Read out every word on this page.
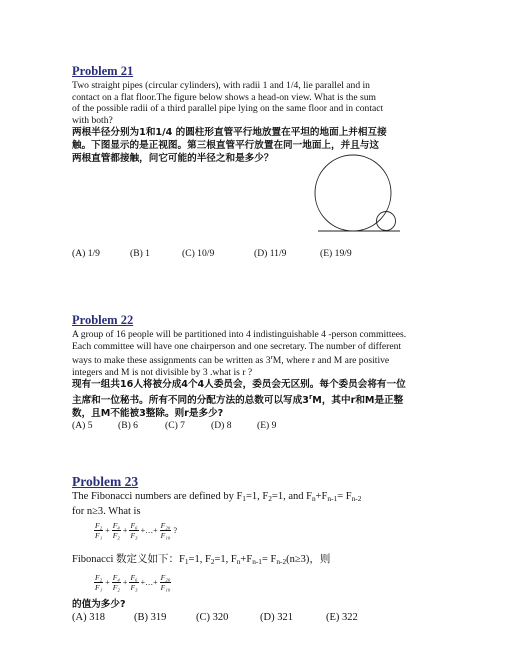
Problem 21

Two straight pipes (circular cylinders), with radii 1 and 1/4, lie parallel and in

contact on a flat floor.The figure below shows a head-on view. What is the sum

of the possible radii of a third parallel pipe lying on the same floor and in contact

with both?

两根半径分别为1和1/4 的圆柱形直管平行地放置在平坦的地面上并相互接

触。下图显示的是正视图。第三根直管平行放置在同一地面上，并且与这

两根直管都接触，问它可能的半径之和是多少？

(A) 1/9	(B) 1	(C) 10/9	(D) 11/9	(E) 19/9
Problem 22

A group of 16 people will be partitioned into 4 indistinguishable 4 -person committees.

Each committee will have one chairperson and one secretary. The number of different

ways to make these assignments can be written as 3$^r$M, where r and M are positive

integers and M is not divisible by 3 .what is r ?

现有一组共16人将被分成4个4人委员会，委员会无区别。每个委员会将有一位

主席和一位秘书。所有不同的分配方法的总数可以写成3$^r$M，其中r和M是正整

数，且M不能被3整除。则r是多少?

(A) 5	(B) 6	(C) 7	(D) 8	(E) 9
Problem 23

The Fibonacci numbers are defined by $F_1=1$, $F_2=1$, and $F_n+F_{n-1}= F_{n-2}$

for n≥3. What is

$\frac{\text{F₂}}{\text{F₁}} + \frac{\text{F₄}}{\text{F₂}} + \frac{\text{F₆}}{\text{F₃}}$ +…+ $\frac{\text{F₂₀}}{\text{F₁₀}}$ ?

Fibonacci 数定义如下：$F_1=1$, $F_2=1$, $F_n+F_{n-1}= F_{n-2}(n\ge 3)$，则

$\frac{\text{F₂}}{\text{F₁}} + \frac{\text{F₄}}{\text{F₂}} + \frac{\text{F₆}}{\text{F₃}}$ +…+ $\frac{\text{F₂₀}}{\text{F₁₀}}$

的值为多少?

(A) 318	(B) 319	(C) 320	(D) 321	(E) 322
